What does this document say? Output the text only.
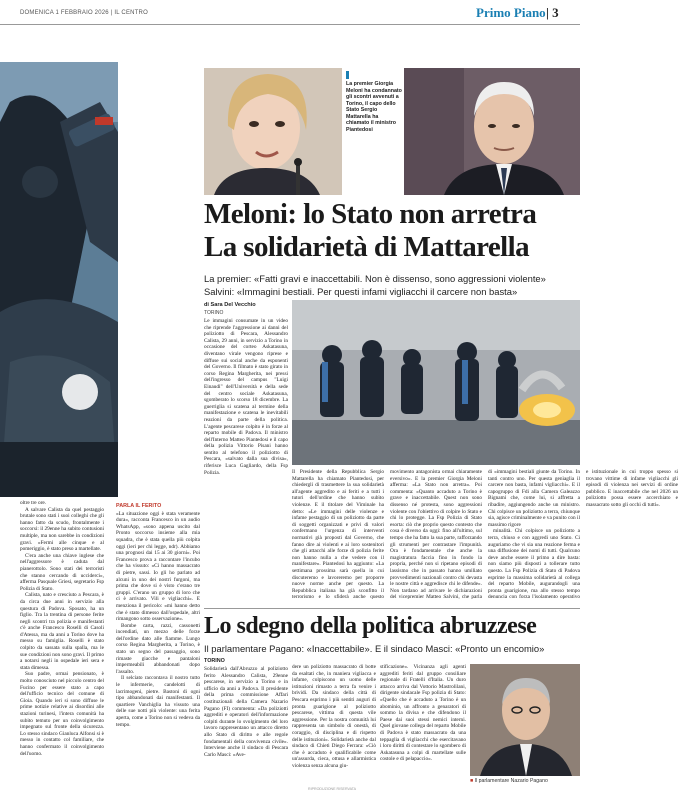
DOMENICA 1 FEBBRAIO 2026 | IL CENTRO	Primo Piano | 3
La premier Giorgia Meloni ha condannato gli scontri avvenuti a Torino, il capo dello Stato Sergio Mattarella ha chiamato il ministro Piantedosi
Meloni: lo Stato non arretra
La solidarietà di Mattarella
La premier: «Fatti gravi e inaccettabili. Non è dissenso, sono aggressioni violente»
Salvini: «Immagini bestiali. Per questi infami vigliacchi il carcere non basta»
di Sara Del Vecchio
TORINO

Le immagini consumate in un video che riprende l'aggressione ai danni del poliziotto di Pescara, Alessandro Calista, 29 anni, in servizio a Torino in occasione del corteo Askatasuna, diventano virale vengono riprese e diffuse sui social anche da esponenti del Governo. Il filmato è stato girato in corso Regina Margherita, nei pressi dell'ingresso del campus "Luigi Einaudi" dell'Università e della sede del centro sociale Askatasuna, sgomberato lo scorso 18 dicembre. La guerriglia si scatena al termine della manifestazione e scatena le inevitabili reazioni da parte della politica. L'agente pescarese colpito è in forze al reparto mobile di Padova. Il ministro dell'Interno Matteo Piantedosi e il capo della polizia Vittorio Pisani hanno sentito al telefono il poliziotto di Pescara, «salvato dalla sua divisa», riferisce Luca Gagliardo, della Fsp Polizia.	Il Presidente della Repubblica Sergio Mattarella ha chiamato Piantedosi, per chiedergli di trasmettere la sua solidarietà all'agente aggredito e ai feriti e a tutti i tutori dell'ordine che hanno subìto violenze. E il titolare del Viminale ha detto: «Le immagini delle violenze e infame pestaggio di un poliziotto da parte di soggetti organizzati e privi di valori confermano l'urgenza di interventi normativi già proposti dal Governo, che fanno dire ai violenti e ai loro sostenitori che gli attacchi alle forze di polizia ferite non hanno nulla a che vedere con il manifestare». Piantedosi ha aggiunto: «La settimana prossima sarà quella in cui discuteremo e lavoreremo per proporre nuove norme anche per questo. La Repubblica italiana ha già sconfitto il terrorismo e lo sfiderà anche questo movimento antagonista ormai chiaramente eversivo». E la premier Giorgia Meloni afferma: «La Stato non arretra». Poi commenta: «Quanto accaduto a Torino è grave e inaccettabile. Quest non sono dissenso né protesta, sono aggressioni violente con l'obiettivo di colpire lo Stato e chi lo protegge. La Fsp Polizia di Stato esorta: ciò che proprio questo contesto che cosa è diverso da oggi: fino all'ultimo, sul tempo che ha fatto la sua parte, rafforzando gli strumenti per contrastare l'impunità. Ora è fondamentale che anche la magistratura faccia fino in fondo la propria, perché non si ripetano episodi di lassismo che in passato hanno umiliato provvedimenti nazionali contro chi devasta le nostre città e aggredisce chi le difende». Non tardano ad arrivare le dichiarazioni del vicepremier Matteo Salvini, che parla di «immagini bestiali giunte da Torino. In tanti contro uno. Per questa genìaglia il carcere non basta, infami vigliacchi». E il capogruppo di Fdi alla Camera Galeazzo Bignami che, come lui, si affretta a ribadire, aggiungendo anche un ministro. Chi colpisce un poliziotto a terra, chiunque sia, agisce criminalmente e va punito con il massimo rigore

minalità. Chi colpisce un poliziotto a terra, chiuso e con aggredi uno Stato. Ci auguriamo che vi sia una reazione ferma e una diffusione dei nomi di tutti. Qualcuno deve anche essere il primo a dire basta: non siamo più disposti a tollerare tutto questo. La Fsp Polizia di Stato di Padova esprime la massima solidarietà al collega del reparto Mobile, augurandogli una pronta guarigione, ma allo stesso tempo denuncia con forza l'isolamento operativo e istituzionale in cui troppo spesso si trovano vittime di infame vigliacchi gli episodi di violenza nei servizi di ordine pubblico. E inaccettabile che nel 2026 un poliziotto possa essere accerchiato e massacrato sotto gli occhi di tutti».

oltre tre ore.

A salvare Calista da quel pestaggio brutale sono stati i suoi colleghi che gli hanno fatto da scudo, frontalmente i soccorsi: il 29enne ha subito contusioni multiple, ma non sarebbe in condizioni gravi. «Fermi alle cinque e al pomeriggio, è stato preso a martellate.

C'era anche una chiave inglese che nell'aggressore è caduta dal pianerottolo. Sono stati dei terroristi che stanno cercando di ucciderci», afferma Pasquale Griesi, segretario Fsp Polizia di Stato.

Calista, nato e cresciuto a Pescara, è da circa due anni in servizio alla questura di Padova. Sposato, ha un figlio. Tra la trentina di persone ferite negli scontri tra polizia e manifestanti c'è anche Francesco Roselli di Casoli d'Atessa, ma da anni a Torino dove ha messo su famiglia. Roselli è stato colpito da sassata sulla spalla, ma le sue condizioni non sono gravi. Il primo a notarsi negli in ospedale ieri sera e stata dimessa.

Suo padre, ormai pensionato, è molto conosciuto nel piccolo centro del Fucino per essere stato a capo dell'ufficio tecnico del comune di Gioia. Quando ieri si sono diffuse le prime notizie relative ai disordini alle stazioni turinesi, l'intera comunità ha subito temuto per un coinvolgimento impegnato sul fronte della sicurezza. Lo stesso sindaco Gianluca Alfonsi si è messo in contatto col familiare, che hanno confermato il coinvolgimento dell'uomo.

PARLA IL FERITO

«La situazione oggi è stata veramente dura», racconta Francesco in un audio WhatsApp, «sono appena uscito dal Pronto soccorso insieme alla mia squadra, che è stata quella più colpita oggi (ieri per chi legge, ndr). Abbiamo una prognosi dai 15 ai 30 giorni». Poi Francesco prova a raccontare l'incubo che ha vissuto: «Ci hanno massacrato di pietre, sassi. Io gli ho parlato ad alcuni in uno dei nostri furgoni, ma prima che dove si è visto c'erano tre gruppi. C'erano un gruppo di loro che ci è arrivato. Vili e vigliacchi». E menziona il pericolo: «mi hanno detto che è stato dimesso dall'ospedale, altri rimangono sotto osservazione».

Bombe carta, razzi, cassonetti incendiati, un mezzo delle forze dell'ordine dato alle fiamme. Lungo corso Regina Margherita, a Torino, è stato un segno del passaggio, sono rimaste giacche e pantaloni impermeabili abbandonati dopo l'assalto.

Il selciato raccontava il nostro tutto le infermerie, candelotti di lacrimogeni, pietre. Bastoni di ogni tipo abbandonati dai manifestanti. Il quartiere Vanchiglia ha vissuto una delle sue notti più violente: una ferita aperta, come a Torino non si vedeva da tempo.

Lo sdegno della politica abruzzese
Il parlamentare Pagano: «Inaccettabile». E il sindaco Masci: «Pronto un encomio»
TORINO

Solidarietà dall'Abruzzo al poliziotto ferito Alessandro Calista, 29enne pescarese, in servizio a Torino e in ufficio da anni a Padova. Il presidente della prima commissione Affari costituzionali della Camera Nazario Pagano (FI) commenta: «Da poliziotti aggrediti e operatori dell'informazione colpiti durante lo svolgimento del loro lavoro rappresentano un attacco diretto allo Stato di diritto e alle regole fondamentali della convivenza civile». Interviene anche il sindaco di Pescara Carlo Masci: «Ave-

dere un poliziotto massacrato di botte da esaltati che, in maniera vigliacca e infame, colpiscono un uomo delle istituzioni rimasto a terra fa venire i brividi. Da sindaco della città di Pescara esprimo i più sentiti auguri di pronta guarigione al poliziotto pescarese, vittima di questa vile aggressione. Per la nostra comunità lui rappresenta un simbolo di onestà, di coraggio, di disciplina e di rispetto delle istituzioni». Solidarietà anche dal sindaco di Chieti Diego Ferrara: «Ciò che è accaduto è qualificabile come un'assurda, cieca, ottusa e allarmistica violenza senza alcuna giu-

stificazione». Vicinanza agli agenti aggrediti feriti dal gruppo consiliare regionale di Fratelli d'Italia. Un duro attacco arriva dal Vottorio Mastrolilani, dirigente sindacale Fsp polizia di Stato: «Quello che è accaduto a Torino è un abominio, un affronto a genaratori di sommo la divisa e che difendono il Paese dai suoi stessi nemici interni. Quel giovane collega del reparto Mobile di Padova è stato massacrato da una teppaglia di vigliacchi che esercitavano i loro diritti di contestare lo sgombero di Askatasuna a colpi di martellate sulle costole e di pelapaccio».

■ Il parlamentare Nazario Pagano
RIPRODUZIONE RISERVATA
